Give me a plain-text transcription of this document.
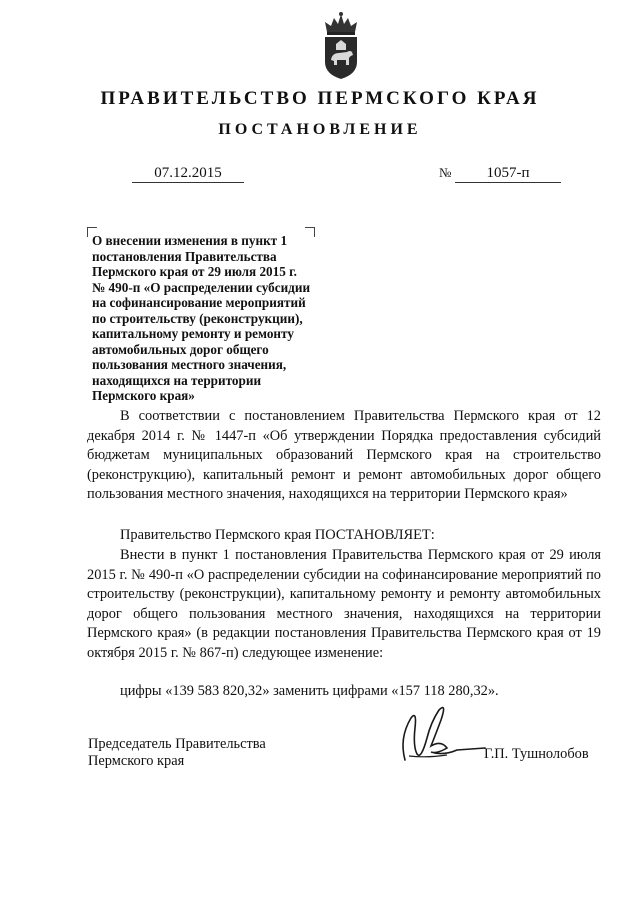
ПРАВИТЕЛЬСТВО ПЕРМСКОГО КРАЯ
ПОСТАНОВЛЕНИЕ
07.12.2015	№	1057-п
О внесении изменения в пункт 1
постановления Правительства
Пермского края от 29 июля 2015 г.
№ 490-п «О распределении субсидии
на софинансирование мероприятий
по строительству (реконструкции),
капитальному ремонту и ремонту
автомобильных дорог общего
пользования местного значения,
находящихся на территории
Пермского края»
В соответствии с постановлением Правительства Пермского края от 12 декабря 2014 г. № 1447-п «Об утверждении Порядка предоставления субсидий бюджетам муниципальных образований Пермского края на строительство (реконструкцию), капитальный ремонт и ремонт автомобильных дорог общего пользования местного значения, находящихся на территории Пермского края»
Правительство Пермского края ПОСТАНОВЛЯЕТ:
Внести в пункт 1 постановления Правительства Пермского края от 29 июля 2015 г. № 490-п «О распределении субсидии на софинансирование мероприятий по строительству (реконструкции), капитальному ремонту и ремонту автомобильных дорог общего пользования местного значения, находящихся на территории Пермского края» (в редакции постановления Правительства Пермского края от 19 октября 2015 г. № 867-п) следующее изменение:
цифры «139 583 820,32» заменить цифрами «157 118 280,32».
Председатель Правительства
Пермского края	Г.П. Тушнолобов
